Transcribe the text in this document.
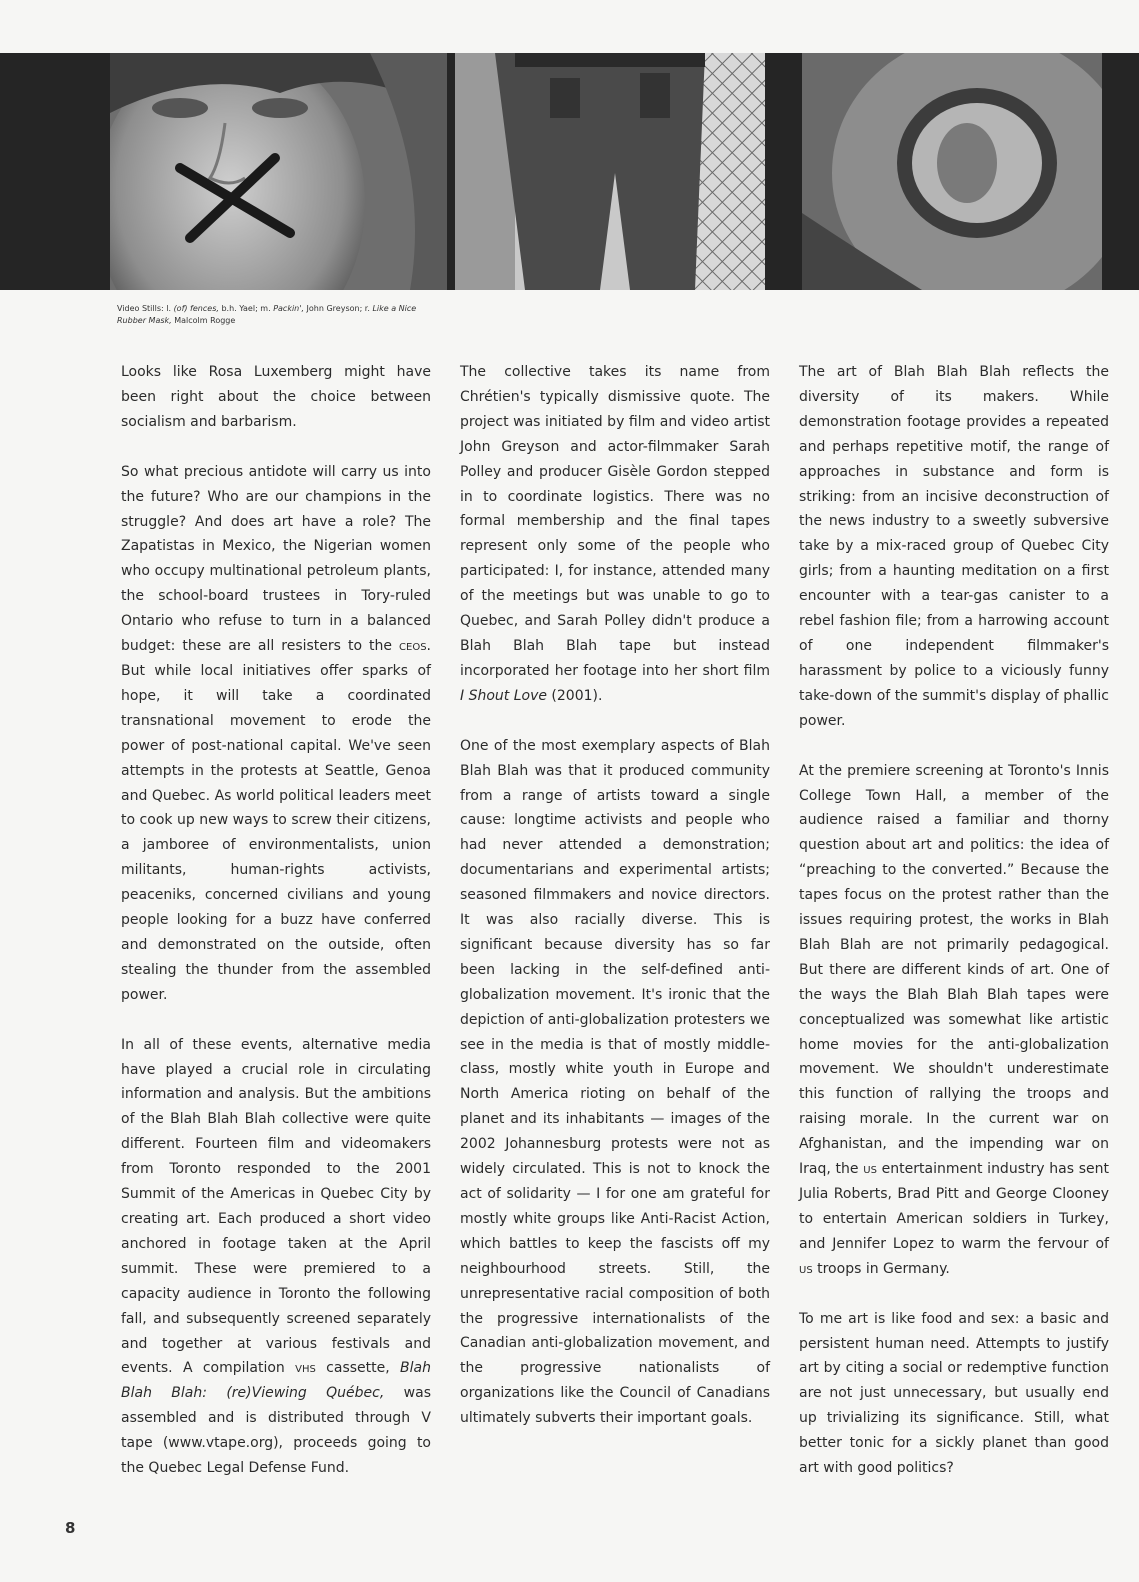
Video Stills: l. (of) fences, b.h. Yael; m. Packin', John Greyson; r. Like a Nice Rubber Mask, Malcolm Rogge

Looks like Rosa Luxemberg might have been right about the choice between socialism and barbarism.

So what precious antidote will carry us into the future? Who are our champions in the struggle? And does art have a role? The Zapatistas in Mexico, the Nigerian women who occupy multinational petroleum plants, the school-board trustees in Tory-ruled Ontario who refuse to turn in a balanced budget: these are all resisters to the ceos. But while local initiatives offer sparks of hope, it will take a coordinated transnational movement to erode the power of post-national capital. We've seen attempts in the protests at Seattle, Genoa and Quebec. As world political leaders meet to cook up new ways to screw their citizens, a jamboree of environmentalists, union militants, human-rights activists, peaceniks, concerned civilians and young people looking for a buzz have conferred and demonstrated on the outside, often stealing the thunder from the assembled power.

In all of these events, alternative media have played a crucial role in circulating information and analysis. But the ambitions of the Blah Blah Blah collective were quite different. Fourteen film and videomakers from Toronto responded to the 2001 Summit of the Americas in Quebec City by creating art. Each produced a short video anchored in footage taken at the April summit. These were premiered to a capacity audience in Toronto the following fall, and subsequently screened separately and together at various festivals and events. A compilation vhs cassette, Blah Blah Blah: (re)Viewing Québec, was assembled and is distributed through V tape (www.vtape.org), proceeds going to the Quebec Legal Defense Fund.

The collective takes its name from Chrétien's typically dismissive quote. The project was initiated by film and video artist John Greyson and actor-filmmaker Sarah Polley and producer Gisèle Gordon stepped in to coordinate logistics. There was no formal membership and the final tapes represent only some of the people who participated: I, for instance, attended many of the meetings but was unable to go to Quebec, and Sarah Polley didn't produce a Blah Blah Blah tape but instead incorporated her footage into her short film I Shout Love (2001).

One of the most exemplary aspects of Blah Blah Blah was that it produced community from a range of artists toward a single cause: longtime activists and people who had never attended a demonstration; documentarians and experimental artists; seasoned filmmakers and novice directors. It was also racially diverse. This is significant because diversity has so far been lacking in the self-defined anti-globalization movement. It's ironic that the depiction of anti-globalization protesters we see in the media is that of mostly middle-class, mostly white youth in Europe and North America rioting on behalf of the planet and its inhabitants — images of the 2002 Johannesburg protests were not as widely circulated. This is not to knock the act of solidarity — I for one am grateful for mostly white groups like Anti-Racist Action, which battles to keep the fascists off my neighbourhood streets. Still, the unrepresentative racial composition of both the progressive internationalists of the Canadian anti-globalization movement, and the progressive nationalists of organizations like the Council of Canadians ultimately subverts their important goals.

The art of Blah Blah Blah reflects the diversity of its makers. While demonstration footage provides a repeated and perhaps repetitive motif, the range of approaches in substance and form is striking: from an incisive deconstruction of the news industry to a sweetly subversive take by a mix-raced group of Quebec City girls; from a haunting meditation on a first encounter with a tear-gas canister to a rebel fashion file; from a harrowing account of one independent filmmaker's harassment by police to a viciously funny take-down of the summit's display of phallic power.

At the premiere screening at Toronto's Innis College Town Hall, a member of the audience raised a familiar and thorny question about art and politics: the idea of “preaching to the converted.” Because the tapes focus on the protest rather than the issues requiring protest, the works in Blah Blah Blah are not primarily pedagogical. But there are different kinds of art. One of the ways the Blah Blah Blah tapes were conceptualized was somewhat like artistic home movies for the anti-globalization movement. We shouldn't underestimate this function of rallying the troops and raising morale. In the current war on Afghanistan, and the impending war on Iraq, the us entertainment industry has sent Julia Roberts, Brad Pitt and George Clooney to entertain American soldiers in Turkey, and Jennifer Lopez to warm the fervour of us troops in Germany.

To me art is like food and sex: a basic and persistent human need. Attempts to justify art by citing a social or redemptive function are not just unnecessary, but usually end up trivializing its significance. Still, what better tonic for a sickly planet than good art with good politics?

8
